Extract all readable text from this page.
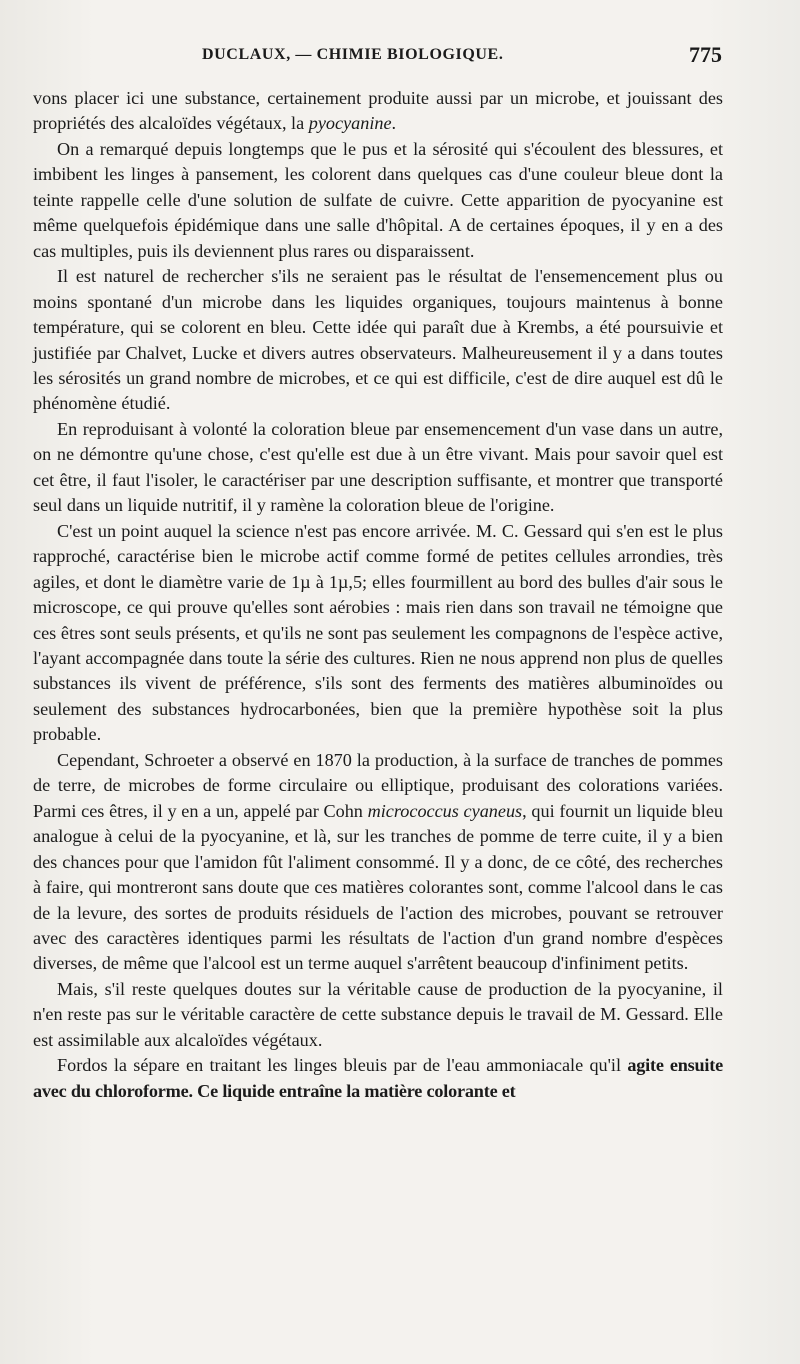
DUCLAUX, — CHIMIE BIOLOGIQUE.	775

vons placer ici une substance, certainement produite aussi par un microbe, et jouissant des propriétés des alcaloïdes végétaux, la pyocyanine.

On a remarqué depuis longtemps que le pus et la sérosité qui s'écoulent des blessures, et imbibent les linges à pansement, les colorent dans quelques cas d'une couleur bleue dont la teinte rappelle celle d'une solution de sulfate de cuivre. Cette apparition de pyocyanine est même quelquefois épidémique dans une salle d'hôpital. A de certaines époques, il y en a des cas multiples, puis ils deviennent plus rares ou disparaissent.

Il est naturel de rechercher s'ils ne seraient pas le résultat de l'ensemencement plus ou moins spontané d'un microbe dans les liquides organiques, toujours maintenus à bonne température, qui se colorent en bleu. Cette idée qui paraît due à Krembs, a été poursuivie et justifiée par Chalvet, Lucke et divers autres observateurs. Malheureusement il y a dans toutes les sérosités un grand nombre de microbes, et ce qui est difficile, c'est de dire auquel est dû le phénomène étudié.

En reproduisant à volonté la coloration bleue par ensemencement d'un vase dans un autre, on ne démontre qu'une chose, c'est qu'elle est due à un être vivant. Mais pour savoir quel est cet être, il faut l'isoler, le caractériser par une description suffisante, et montrer que transporté seul dans un liquide nutritif, il y ramène la coloration bleue de l'origine.

C'est un point auquel la science n'est pas encore arrivée. M. C. Gessard qui s'en est le plus rapproché, caractérise bien le microbe actif comme formé de petites cellules arrondies, très agiles, et dont le diamètre varie de 1µ à 1µ,5; elles fourmillent au bord des bulles d'air sous le microscope, ce qui prouve qu'elles sont aérobies : mais rien dans son travail ne témoigne que ces êtres sont seuls présents, et qu'ils ne sont pas seulement les compagnons de l'espèce active, l'ayant accompagnée dans toute la série des cultures. Rien ne nous apprend non plus de quelles substances ils vivent de préférence, s'ils sont des ferments des matières albuminoïdes ou seulement des substances hydrocarbonées, bien que la première hypothèse soit la plus probable.

Cependant, Schroeter a observé en 1870 la production, à la surface de tranches de pommes de terre, de microbes de forme circulaire ou elliptique, produisant des colorations variées. Parmi ces êtres, il y en a un, appelé par Cohn micrococcus cyaneus, qui fournit un liquide bleu analogue à celui de la pyocyanine, et là, sur les tranches de pomme de terre cuite, il y a bien des chances pour que l'amidon fût l'aliment consommé. Il y a donc, de ce côté, des recherches à faire, qui montreront sans doute que ces matières colorantes sont, comme l'alcool dans le cas de la levure, des sortes de produits résiduels de l'action des microbes, pouvant se retrouver avec des caractères identiques parmi les résultats de l'action d'un grand nombre d'espèces diverses, de même que l'alcool est un terme auquel s'arrêtent beaucoup d'infiniment petits.

Mais, s'il reste quelques doutes sur la véritable cause de production de la pyocyanine, il n'en reste pas sur le véritable caractère de cette substance depuis le travail de M. Gessard. Elle est assimilable aux alcaloïdes végétaux.

Fordos la sépare en traitant les linges bleuis par de l'eau ammoniacale qu'il agite ensuite avec du chloroforme. Ce liquide entraîne la matière colorante et
